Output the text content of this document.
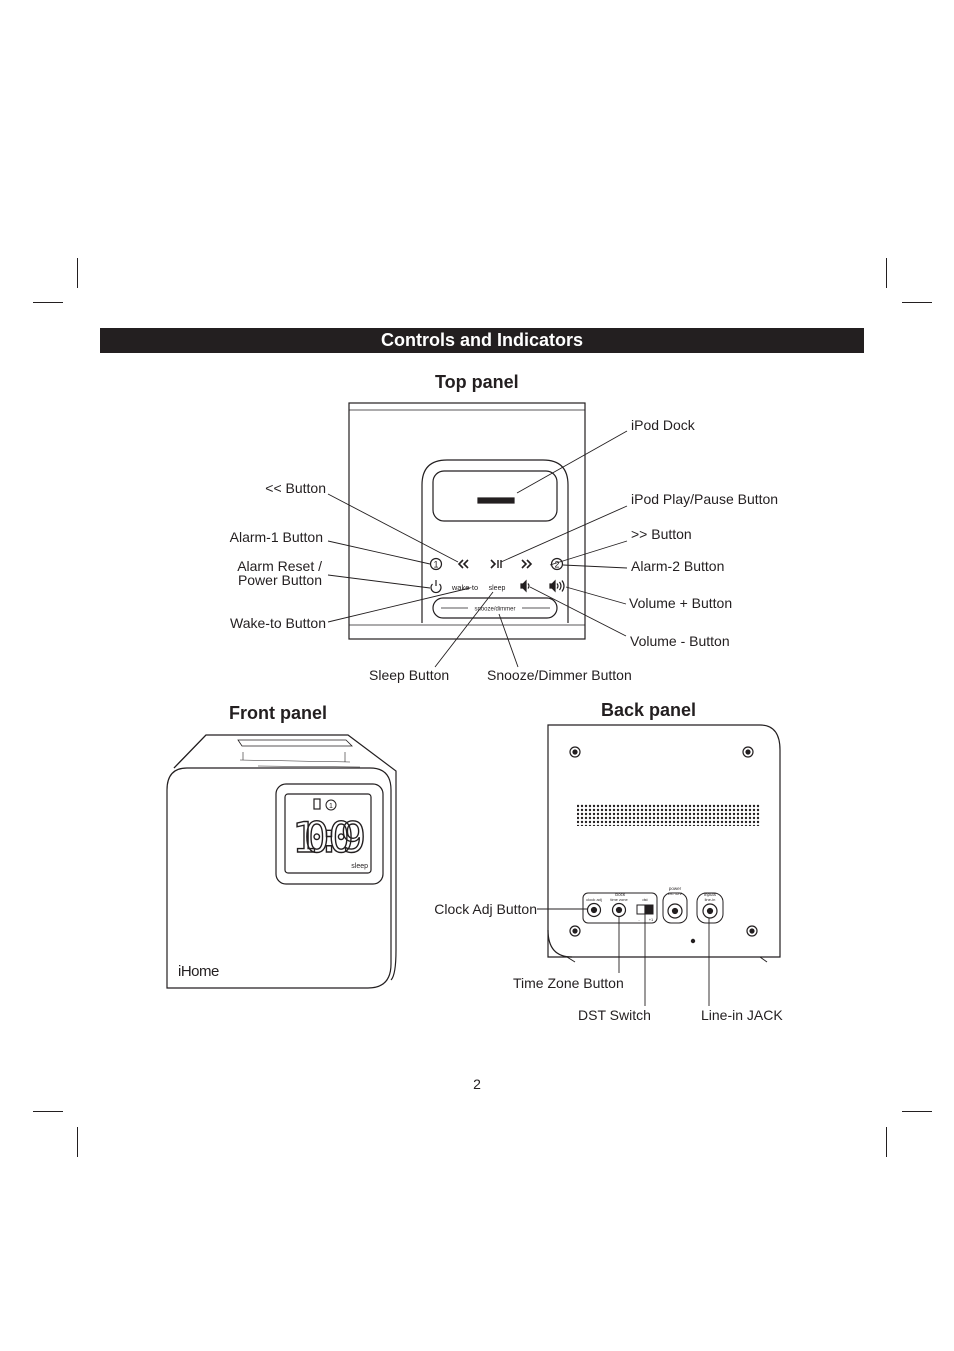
Controls and Indicators
Top panel
Front panel	Back panel
1	2
wake-to sleep
snooze/dimmer
10:09
sleep
1
iHome
clock
clock adj time zone	dst
- +1
power
DC 12V	inputs
line-in
iPod Dock
iPod Play/Pause Button
>> Button
Alarm-2 Button
Volume + Button
Volume - Button
<< Button
Alarm-1 Button
Alarm Reset /
Power Button
Wake-to Button
Sleep Button	Snooze/Dimmer Button
Clock Adj Button
Time Zone Button
DST Switch	Line-in JACK
2
